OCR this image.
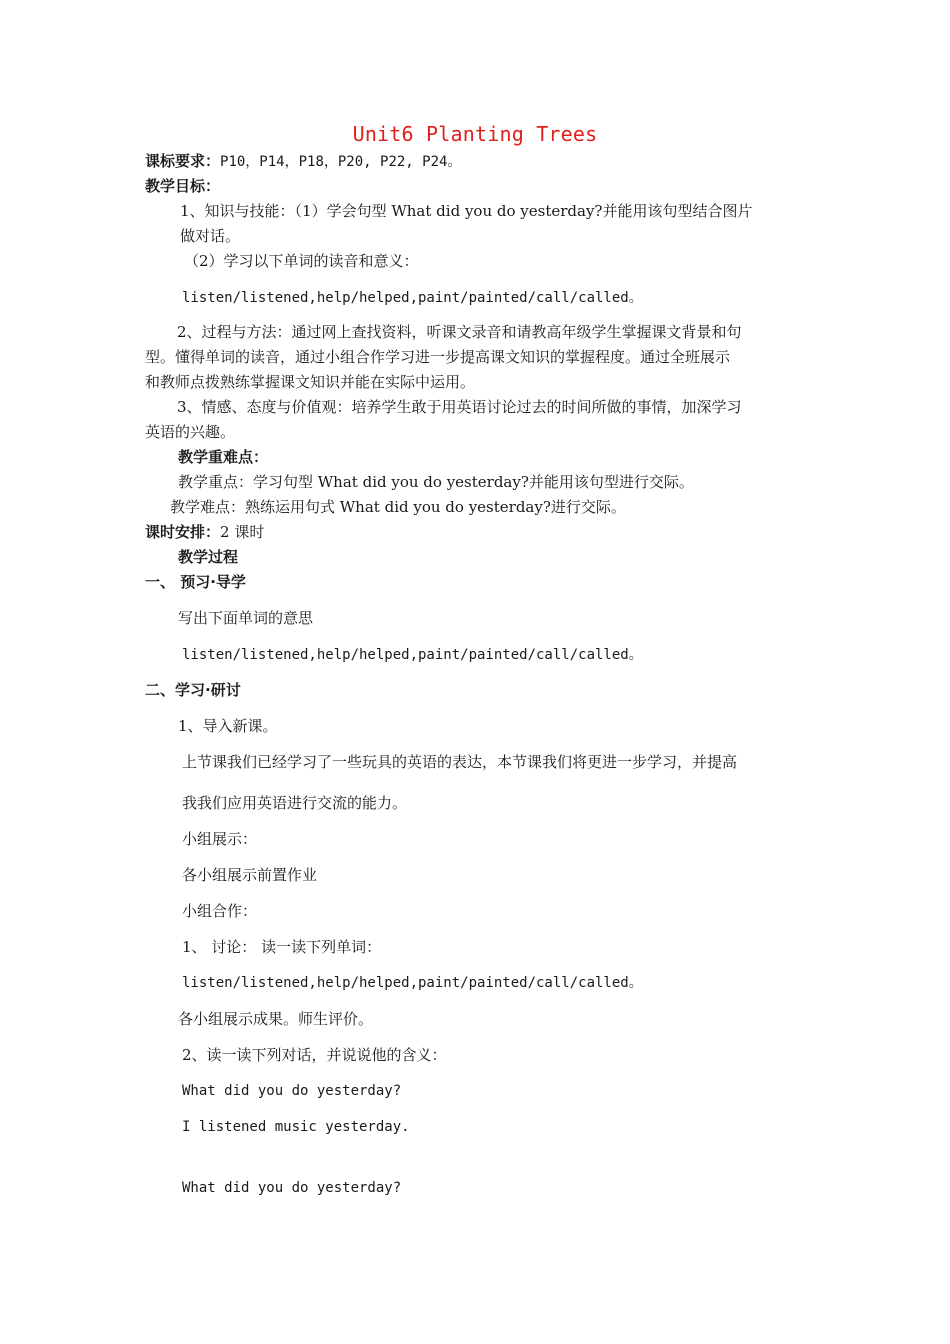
Unit6 Planting Trees
课标要求：P10，P14，P18，P20, P22, P24。
教学目标：
1、知识与技能：（1）学会句型 What did you do yesterday?并能用该句型结合图片
做对话。
（2）学习以下单词的读音和意义：
listen/listened,help/helped,paint/painted/call/called。
2、过程与方法：通过网上查找资料，听课文录音和请教高年级学生掌握课文背景和句
型。懂得单词的读音，通过小组合作学习进一步提高课文知识的掌握程度。通过全班展示
和教师点拨熟练掌握课文知识并能在实际中运用。
3、情感、态度与价值观：培养学生敢于用英语讨论过去的时间所做的事情，加深学习
英语的兴趣。
教学重难点：
教学重点：学习句型 What did you do yesterday?并能用该句型进行交际。
教学难点：熟练运用句式 What did you do yesterday?进行交际。
课时安排：2 课时
教学过程
一、 预习·导学
写出下面单词的意思
listen/listened,help/helped,paint/painted/call/called。
二、学习·研讨
1、导入新课。
上节课我们已经学习了一些玩具的英语的表达，本节课我们将更进一步学习，并提高
我我们应用英语进行交流的能力。
小组展示：
各小组展示前置作业
小组合作：
1、 讨论： 读一读下列单词：
listen/listened,help/helped,paint/painted/call/called。
各小组展示成果。师生评价。
2、读一读下列对话，并说说他的含义：
What did you do yesterday?
I listened music yesterday.
What did you do yesterday?
